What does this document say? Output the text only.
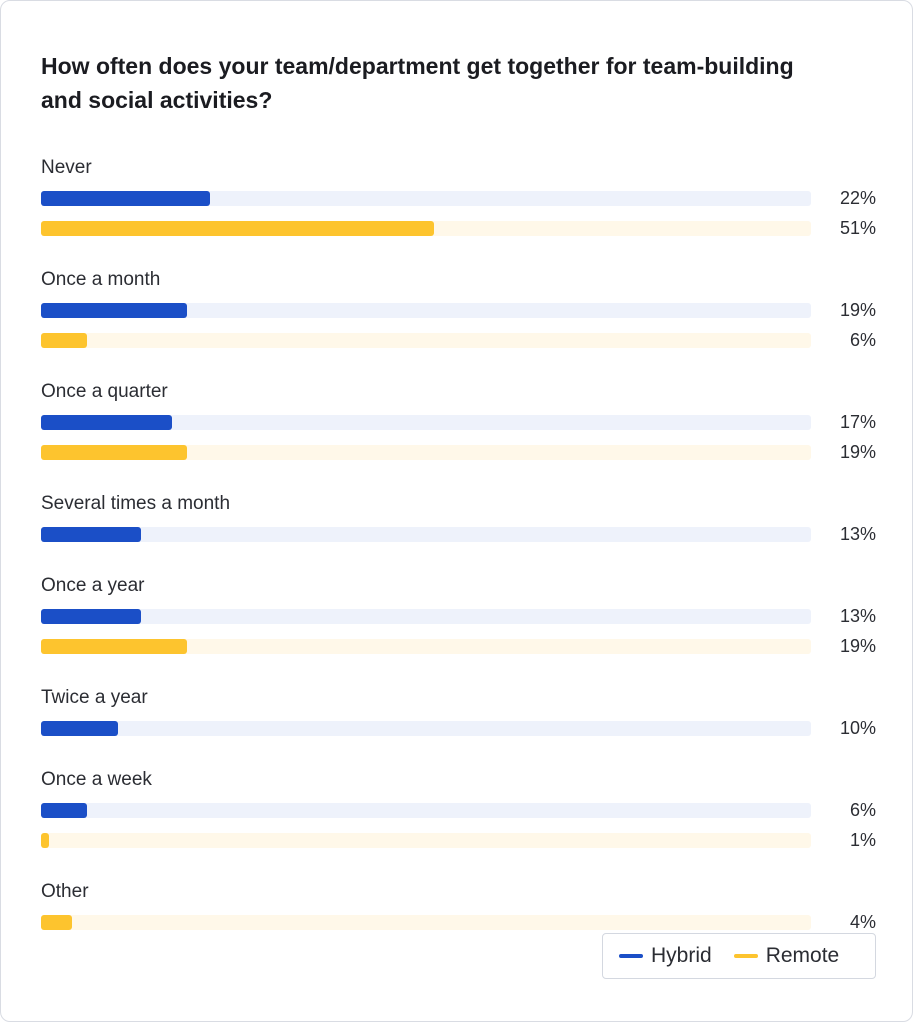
How often does your team/department get together for team-building and social activities?
Never
22%
51%
Once a month
19%
6%
Once a quarter
17%
19%
Several times a month
13%
Once a year
13%
19%
Twice a year
10%
Once a week
6%
1%
Other
4%
Hybrid	Remote
